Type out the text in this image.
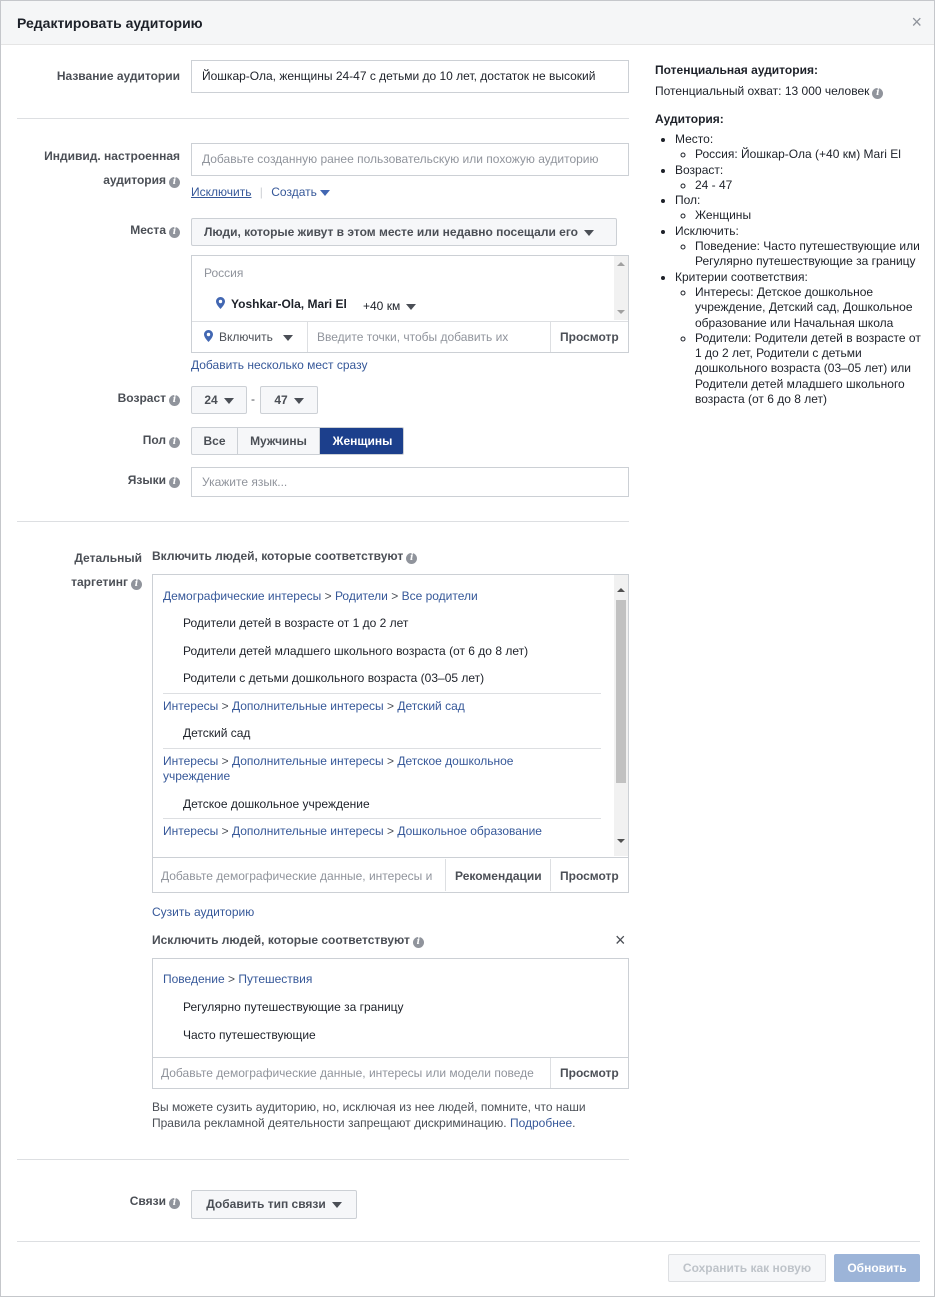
Редактировать аудиторию	×
Название аудитории	Йошкар-Ола, женщины 24-47 с детьми до 10 лет, достаток не высокий
Индивид. настроенная
аудитория i
Добавьте созданную ранее пользовательскую или похожую аудиторию
Исключить | Создать
Места i	Люди, которые живут в этом месте или недавно посещали его
Россия
Yoshkar-Ola, Mari El +40 км
Включить	Введите точки, чтобы добавить их	Просмотр
Добавить несколько мест сразу
Возраст i	24	-	47
Пол i	Все	Мужчины	Женщины
Языки i	Укажите язык...
Детальный
таргетинг i
Включить людей, которые соответствуют i
Демографические интересы > Родители > Все родители
Родители детей в возрасте от 1 до 2 лет
Родители детей младшего школьного возраста (от 6 до 8 лет)
Родители с детьми дошкольного возраста (03–05 лет)
Интересы > Дополнительные интересы > Детский сад
Детский сад
Интересы > Дополнительные интересы > Детское дошкольное
учреждение
Детское дошкольное учреждение
Интересы > Дополнительные интересы > Дошкольное образование
Добавьте демографические данные, интересы и	Рекомендации Просмотр
Сузить аудиторию
Исключить людей, которые соответствуют i	×
Поведение > Путешествия
Регулярно путешествующие за границу
Часто путешествующие
Добавьте демографические данные, интересы или модели поведе	Просмотр
Вы можете сузить аудиторию, но, исключая из нее людей, помните, что наши
Правила рекламной деятельности запрещают дискриминацию. Подробнее.
Связи i	Добавить тип связи
Сохранить как новую	Обновить
Потенциальная аудитория:
Потенциальный охват: 13 000 человек i
Аудитория:
• Место:
◦ Россия: Йошкар-Ола (+40 км) Mari El
• Возраст:
◦ 24 - 47
• Пол:
◦ Женщины
• Исключить:
◦ Поведение: Часто путешествующие или Регулярно путешествующие за границу
• Критерии соответствия:
◦ Интересы: Детское дошкольное учреждение, Детский сад, Дошкольное образование или Начальная школа
◦ Родители: Родители детей в возрасте от 1 до 2 лет, Родители с детьми дошкольного возраста (03–05 лет) или Родители детей младшего школьного возраста (от 6 до 8 лет)
